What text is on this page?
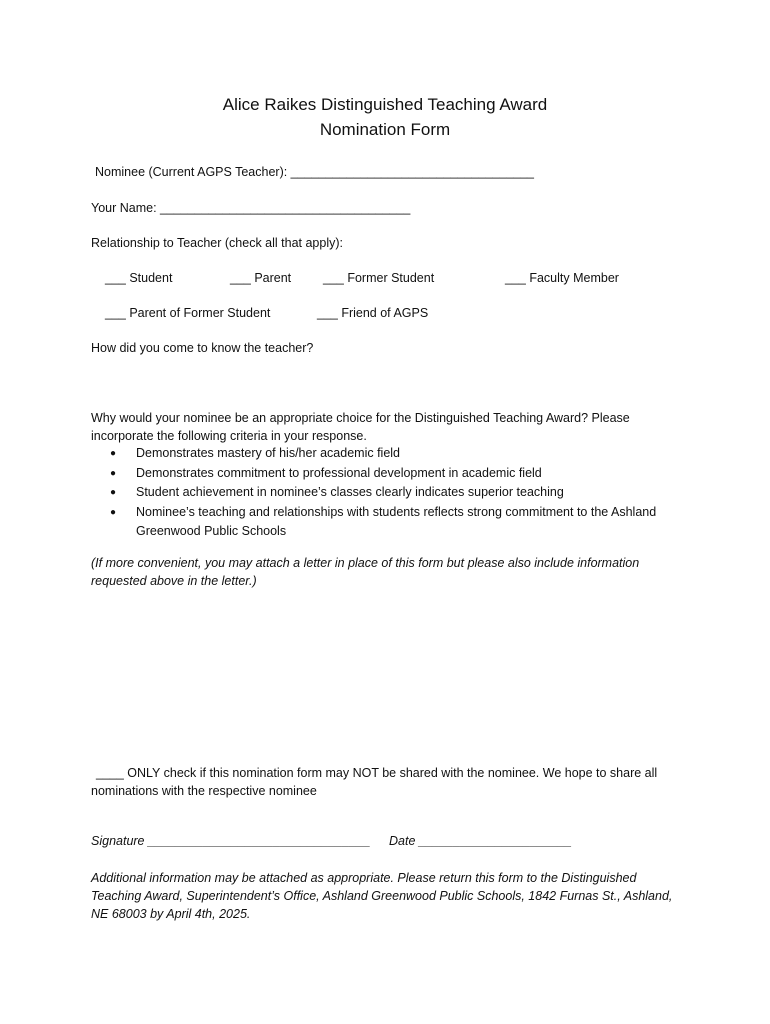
Alice Raikes Distinguished Teaching Award
Nomination Form
Nominee (Current AGPS Teacher): ___________________________________
Your Name: ____________________________________
Relationship to Teacher (check all that apply):
___ Student	___ Parent	___ Former Student	___ Faculty Member
___ Parent of Former Student	___ Friend of AGPS
How did you come to know the teacher?
Why would your nominee be an appropriate choice for the Distinguished Teaching Award? Please incorporate the following criteria in your response.
● Demonstrates mastery of his/her academic field
● Demonstrates commitment to professional development in academic field
● Student achievement in nominee’s classes clearly indicates superior teaching
● Nominee’s teaching and relationships with students reflects strong commitment to the Ashland Greenwood Public Schools
(If more convenient, you may attach a letter in place of this form but please also include information requested above in the letter.)
____ ONLY check if this nomination form may NOT be shared with the nominee. We hope to share all nominations with the respective nominee
Signature ________________________________ Date ______________________
Additional information may be attached as appropriate. Please return this form to the Distinguished Teaching Award, Superintendent’s Office, Ashland Greenwood Public Schools, 1842 Furnas St., Ashland, NE 68003 by April 4th, 2025.
